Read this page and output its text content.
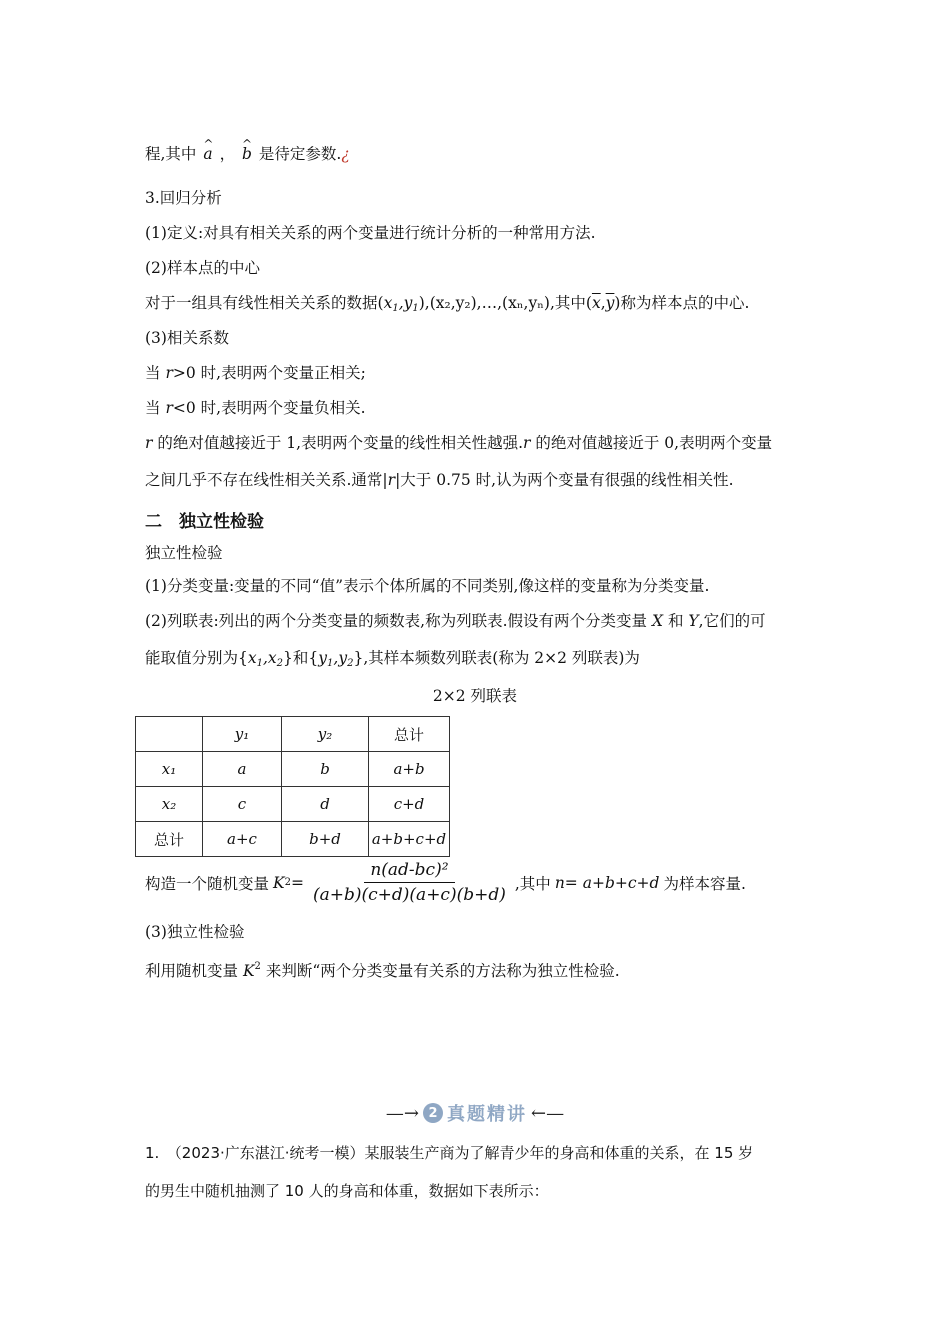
程,其中 ^ a ， ^ b 是待定参数.¿
3.回归分析
(1)定义:对具有相关关系的两个变量进行统计分析的一种常用方法.
(2)样本点的中心
对于一组具有线性相关关系的数据$(x_1,y_1),(x_2,y_2),\dots,(x_n,y_n)$,其中$(\overline{x},\overline{y})$称为样本点的中心.
(3)相关系数
当 r>0 时,表明两个变量正相关;
当 r<0 时,表明两个变量负相关.
r 的绝对值越接近于 1,表明两个变量的线性相关性越强.r 的绝对值越接近于 0,表明两个变量
之间几乎不存在线性相关关系.通常|r|大于 0.75 时,认为两个变量有很强的线性相关性.
二　独立性检验
独立性检验
(1)分类变量:变量的不同“值”表示个体所属的不同类别,像这样的变量称为分类变量.
(2)列联表:列出的两个分类变量的频数表,称为列联表.假设有两个分类变量 X 和 Y,它们的可
能取值分别为$\{x_1,x_2\}$和$\{y_1,y_2\}$,其样本频数列联表(称为 2×2 列联表)为
2×2 列联表
	y₁	y₂	总计
x₁	a	b	a+b
x₂	c	d	c+d
总计	a+c	b+d	a+b+c+d
构造一个随机变量 K $2 = \frac{\text{n(ad-bc)²}}{(a+b)(c+d)(a+c)(b+d)}$ ,其中 n= a+b+c+d 为样本容量.
(3)独立性检验
利用随机变量 $K^2$ 来判断“两个分类变量有关系的方法称为独立性检验.
—→ 2 真题精讲 ←—
1.　（2023·广东湛江·统考一模）某服装生产商为了解青少年的身高和体重的关系，在 15 岁
的男生中随机抽测了 10 人的身高和体重，数据如下表所示：
